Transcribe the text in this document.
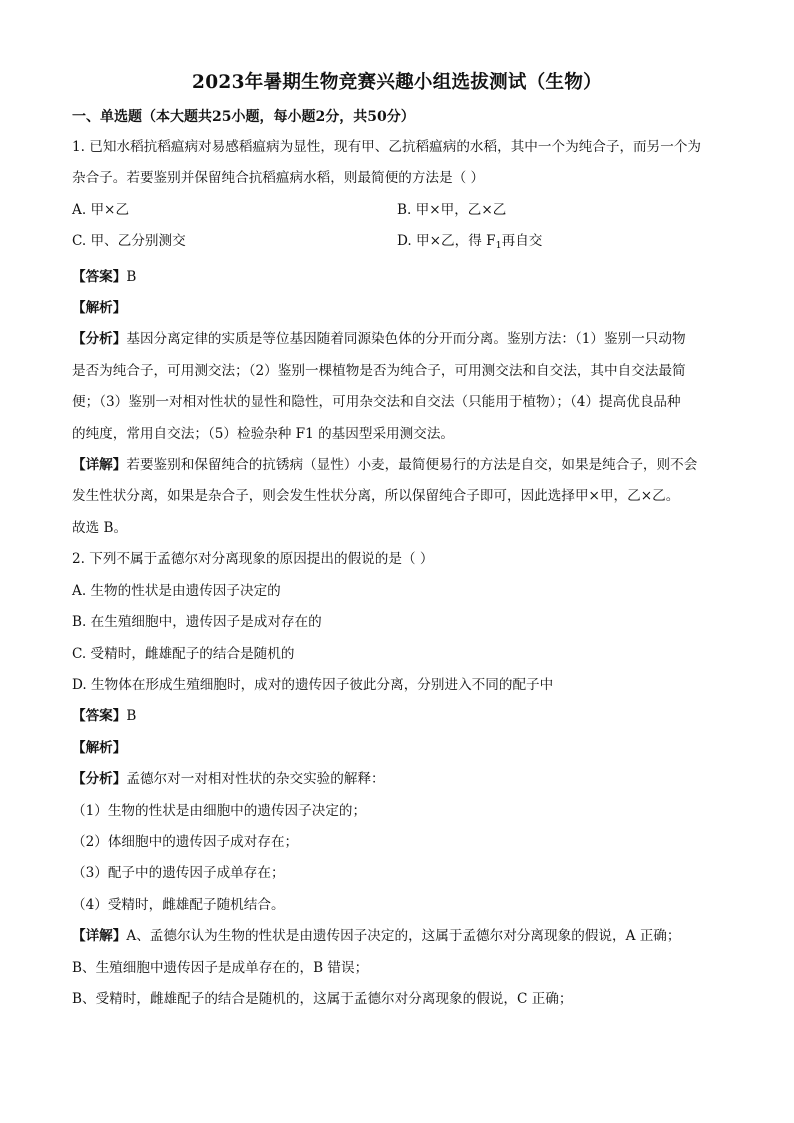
2023年暑期生物竞赛兴趣小组选拔测试（生物）
一、单选题（本大题共25小题，每小题2分，共50分）
1. 已知水稻抗稻瘟病对易感稻瘟病为显性，现有甲、乙抗稻瘟病的水稻，其中一个为纯合子，而另一个为
杂合子。若要鉴别并保留纯合抗稻瘟病水稻，则最简便的方法是（ ）
A. 甲×乙	B. 甲×甲，乙×乙
C. 甲、乙分别测交	D. 甲×乙，得 $F_1$再自交
【答案】B
【解析】
【分析】基因分离定律的实质是等位基因随着同源染色体的分开而分离。鉴别方法：（1）鉴别一只动物
是否为纯合子，可用测交法；（2）鉴别一棵植物是否为纯合子，可用测交法和自交法，其中自交法最简
便；（3）鉴别一对相对性状的显性和隐性，可用杂交法和自交法（只能用于植物）；（4）提高优良品种
的纯度，常用自交法；（5）检验杂种 F1 的基因型采用测交法。
【详解】若要鉴别和保留纯合的抗锈病（显性）小麦，最简便易行的方法是自交，如果是纯合子，则不会
发生性状分离，如果是杂合子，则会发生性状分离，所以保留纯合子即可，因此选择甲×甲，乙×乙。
故选 B。
2. 下列不属于孟德尔对分离现象的原因提出的假说的是（ ）
A. 生物的性状是由遗传因子决定的
B. 在生殖细胞中，遗传因子是成对存在的
C. 受精时，雌雄配子的结合是随机的
D. 生物体在形成生殖细胞时，成对的遗传因子彼此分离，分别进入不同的配子中
【答案】B
【解析】
【分析】孟德尔对一对相对性状的杂交实验的解释：
（1）生物的性状是由细胞中的遗传因子决定的；
（2）体细胞中的遗传因子成对存在；
（3）配子中的遗传因子成单存在；
（4）受精时，雌雄配子随机结合。
【详解】A、孟德尔认为生物的性状是由遗传因子决定的，这属于孟德尔对分离现象的假说，A 正确；
B、生殖细胞中遗传因子是成单存在的，B 错误；
B、受精时，雌雄配子的结合是随机的，这属于孟德尔对分离现象的假说，C 正确；
